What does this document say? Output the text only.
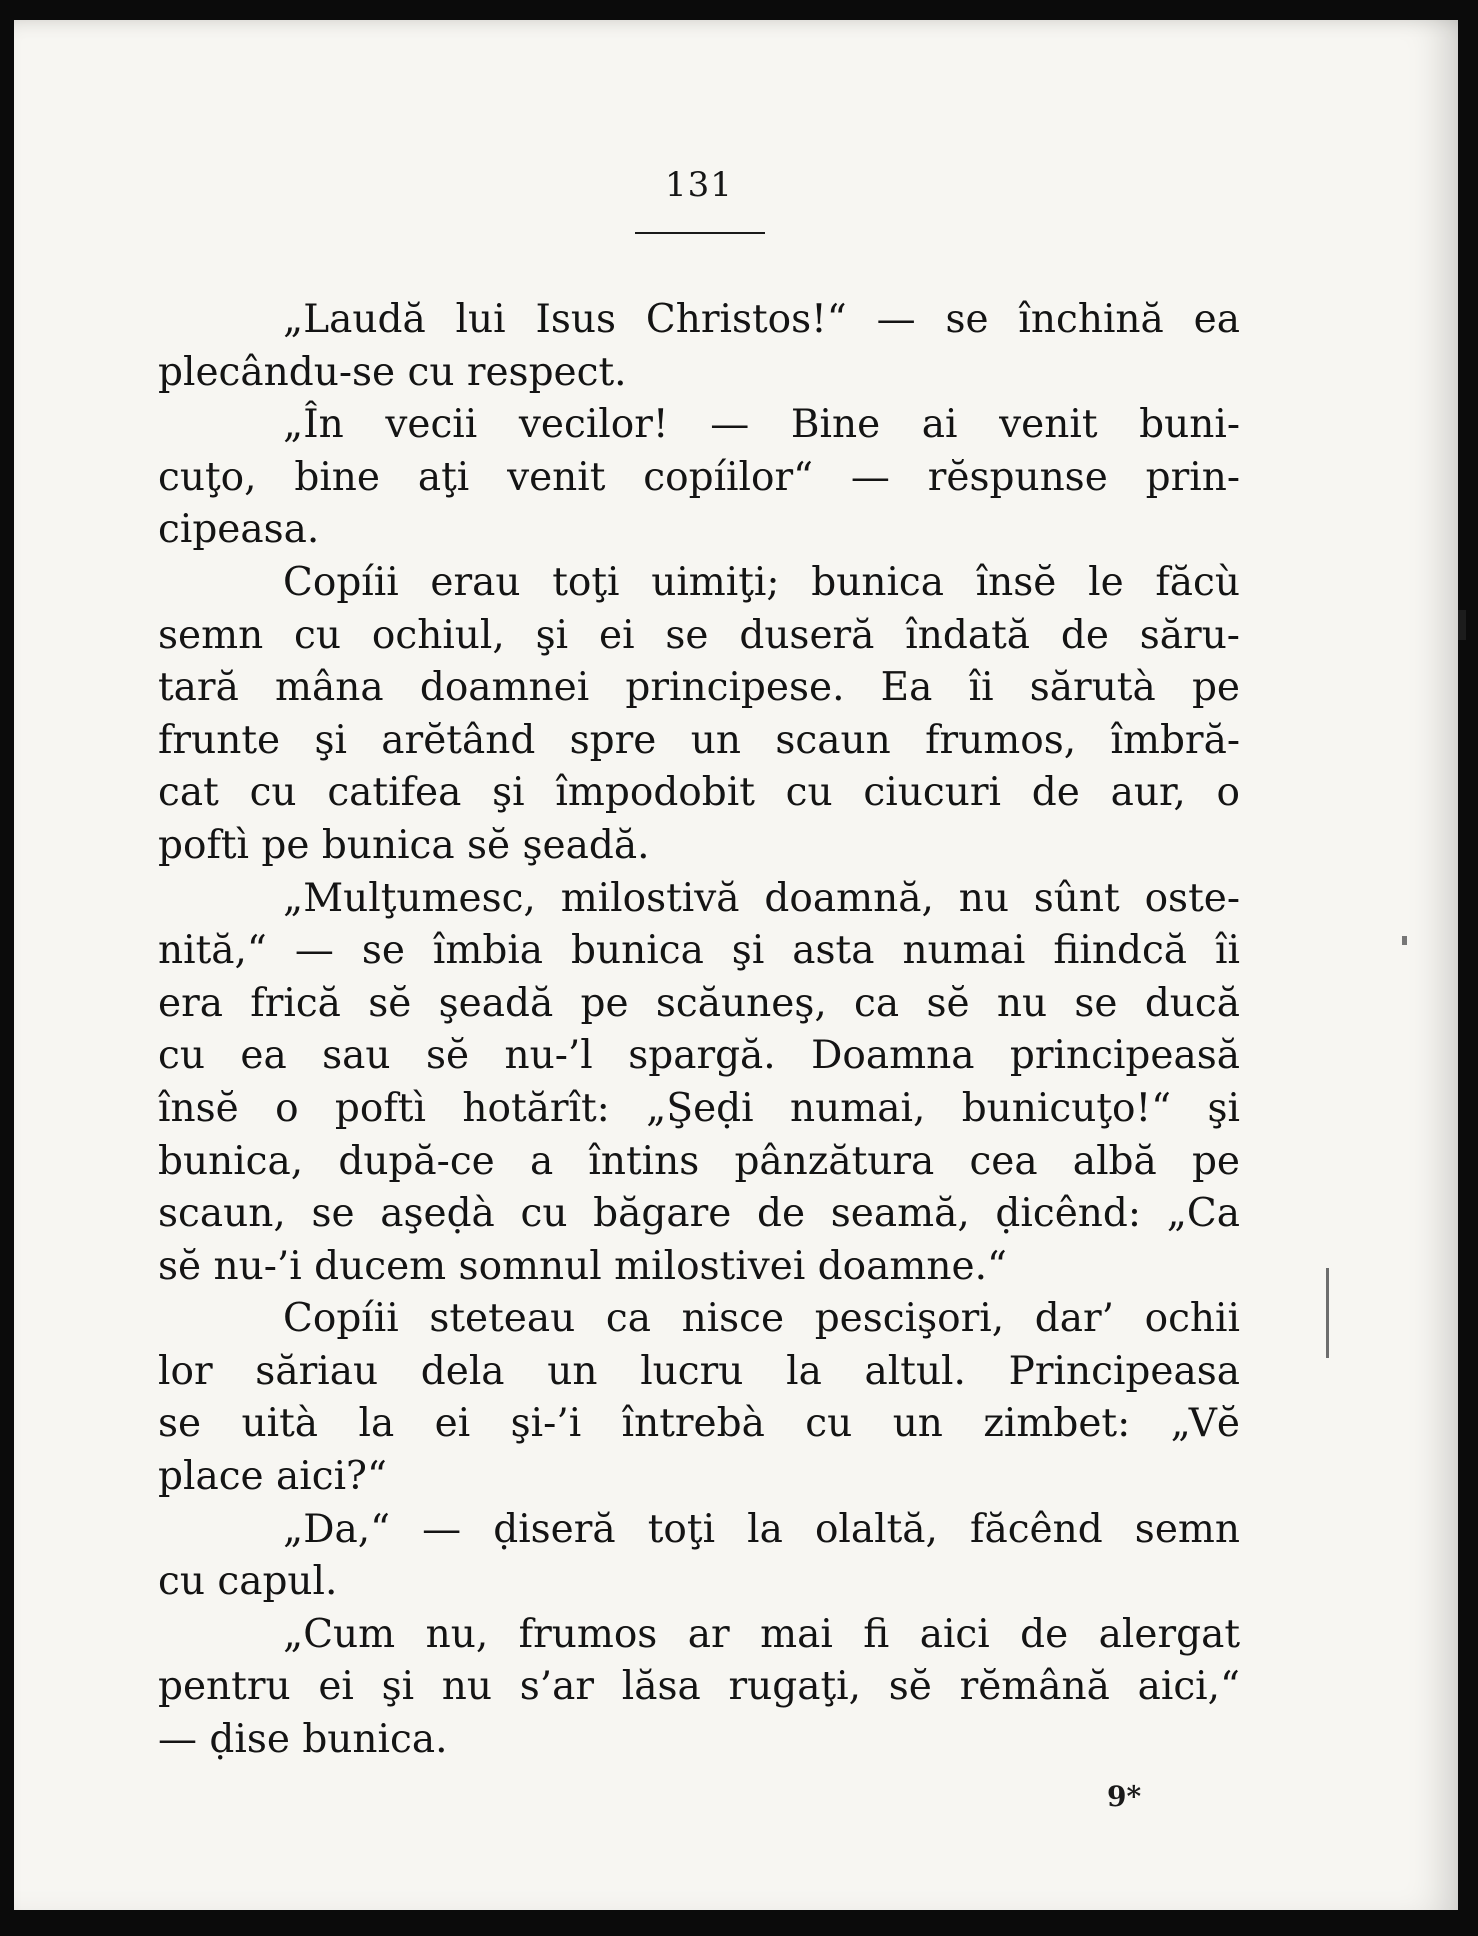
131
„Laudă lui Isus Christos!“ — se închină ea
plecându-se cu respect.
„În vecii vecilor! — Bine ai venit buni-
cuţo, bine aţi venit copíilor“ — rĕspunse prin-
cipeasa.
Copíii erau toţi uimiţi; bunica însĕ le făcù
semn cu ochiul, şi ei se duseră îndată de săru-
tară mâna doamnei principese. Ea îi sărutà pe
frunte şi arĕtând spre un scaun frumos, îmbră-
cat cu catifea şi împodobit cu ciucuri de aur, o
poftì pe bunica sĕ şeadă.
„Mulţumesc, milostivă doamnă, nu sûnt oste-
nită,“ — se îmbia bunica şi asta numai fiindcă îi
era frică sĕ şeadă pe scăuneş, ca sĕ nu se ducă
cu ea sau sĕ nu-’l spargă. Doamna principeasă
însĕ o poftì hotărît: „Şeḍi numai, bunicuţo!“ şi
bunica, după-ce a întins pânzătura cea albă pe
scaun, se aşeḍà cu băgare de seamă, ḍicênd: „Ca
sĕ nu-’i ducem somnul milostivei doamne.“
Copíii steteau ca nisce pescişori, dar’ ochii
lor săriau dela un lucru la altul. Principeasa
se uità la ei şi-’i întrebà cu un zimbet: „Vĕ
place aici?“
„Da,“ — ḍiseră toţi la olaltă, făcênd semn
cu capul.
„Cum nu, frumos ar mai fi aici de alergat
pentru ei şi nu s’ar lăsa rugaţi, sĕ rĕmână aici,“
— ḍise bunica.
9*
